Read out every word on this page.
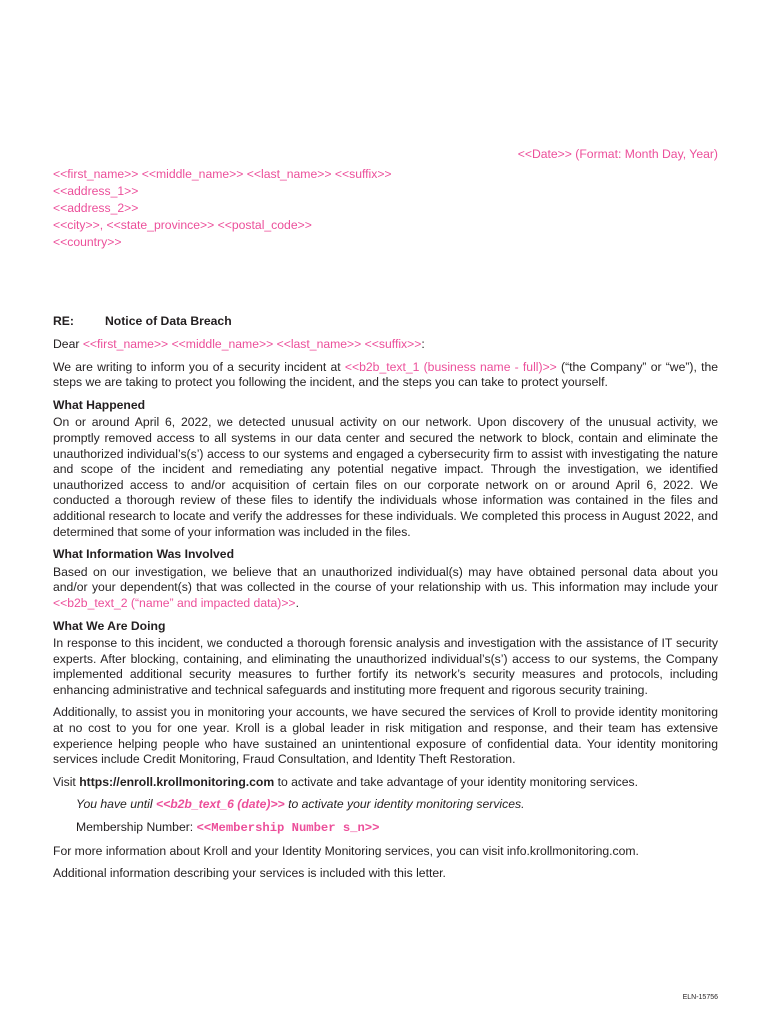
<<Date>> (Format: Month Day, Year)
<<first_name>> <<middle_name>> <<last_name>> <<suffix>>
<<address_1>>
<<address_2>>
<<city>>, <<state_province>> <<postal_code>>
<<country>>
RE:	Notice of Data Breach

Dear <<first_name>> <<middle_name>> <<last_name>> <<suffix>>:

We are writing to inform you of a security incident at <<b2b_text_1 (business name - full)>> (“the Company” or “we”), the steps we are taking to protect you following the incident, and the steps you can take to protect yourself.

What Happened

On or around April 6, 2022, we detected unusual activity on our network. Upon discovery of the unusual activity, we promptly removed access to all systems in our data center and secured the network to block, contain and eliminate the unauthorized individual’s(s’) access to our systems and engaged a cybersecurity firm to assist with investigating the nature and scope of the incident and remediating any potential negative impact. Through the investigation, we identified unauthorized access to and/or acquisition of certain files on our corporate network on or around April 6, 2022. We conducted a thorough review of these files to identify the individuals whose information was contained in the files and additional research to locate and verify the addresses for these individuals. We completed this process in August 2022, and determined that some of your information was included in the files.

What Information Was Involved

Based on our investigation, we believe that an unauthorized individual(s) may have obtained personal data about you and/or your dependent(s) that was collected in the course of your relationship with us. This information may include your <<b2b_text_2 (“name” and impacted data)>>.

What We Are Doing

In response to this incident, we conducted a thorough forensic analysis and investigation with the assistance of IT security experts. After blocking, containing, and eliminating the unauthorized individual’s(s’) access to our systems, the Company implemented additional security measures to further fortify its network’s security measures and protocols, including enhancing administrative and technical safeguards and instituting more frequent and rigorous security training.

Additionally, to assist you in monitoring your accounts, we have secured the services of Kroll to provide identity monitoring at no cost to you for one year. Kroll is a global leader in risk mitigation and response, and their team has extensive experience helping people who have sustained an unintentional exposure of confidential data. Your identity monitoring services include Credit Monitoring, Fraud Consultation, and Identity Theft Restoration.

Visit https://enroll.krollmonitoring.com to activate and take advantage of your identity monitoring services.

You have until <<b2b_text_6 (date)>> to activate your identity monitoring services.

Membership Number: <<Membership Number s_n>>

For more information about Kroll and your Identity Monitoring services, you can visit info.krollmonitoring.com.

Additional information describing your services is included with this letter.

ELN-15756
